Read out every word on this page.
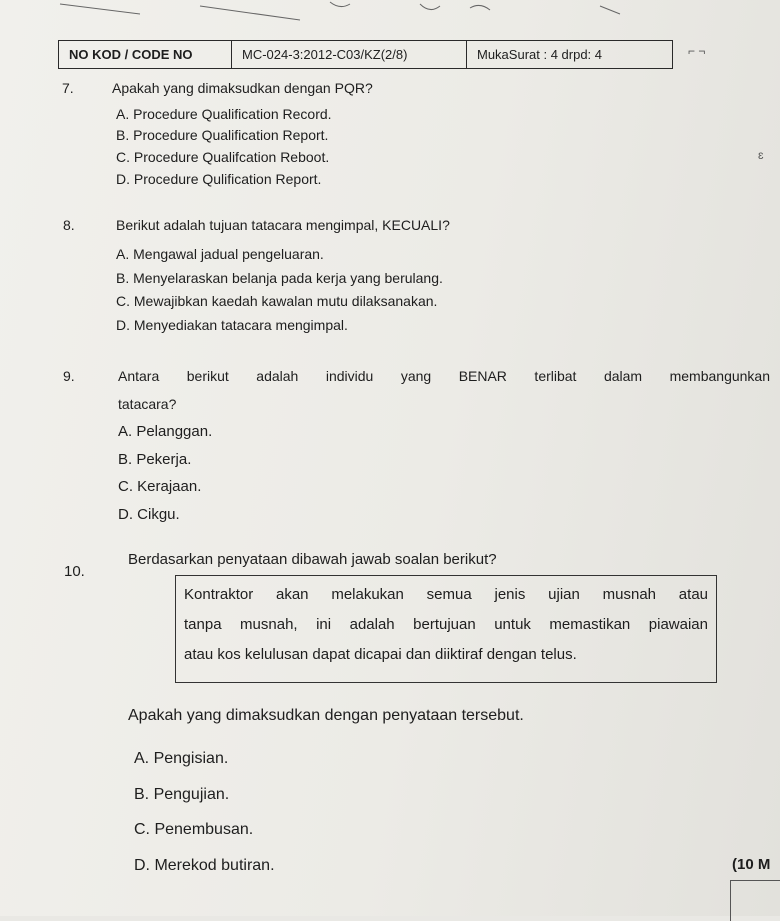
NO KOD / CODE NO	MC-024-3:2012-C03/KZ(2/8)	MukaSurat : 4 drpd: 4	⌐ ¬
ɛ
7.	Apakah yang dimaksudkan dengan PQR?
A. Procedure Qualification Record.
B. Procedure Qualification Report.
C. Procedure Qualifcation Reboot.
D. Procedure Qulification Report.
8.	Berikut adalah tujuan tatacara mengimpal, KECUALI?
A. Mengawal jadual pengeluaran.
B. Menyelaraskan belanja pada kerja yang berulang.
C. Mewajibkan kaedah kawalan mutu dilaksanakan.
D. Menyediakan tatacara mengimpal.
9.	Antara berikut adalah individu yang BENAR terlibat dalam membangunkan
tatacara?
A. Pelanggan.
B. Pekerja.
C. Kerajaan.
D. Cikgu.
10.
Berdasarkan penyataan dibawah jawab soalan berikut?
Kontraktor akan melakukan semua jenis ujian musnah atau
tanpa musnah, ini adalah bertujuan untuk memastikan piawaian
atau kos kelulusan dapat dicapai dan diiktiraf dengan telus.
Apakah yang dimaksudkan dengan penyataan tersebut.
A. Pengisian.
B. Pengujian.
C. Penembusan.
D. Merekod butiran.	(10 M
